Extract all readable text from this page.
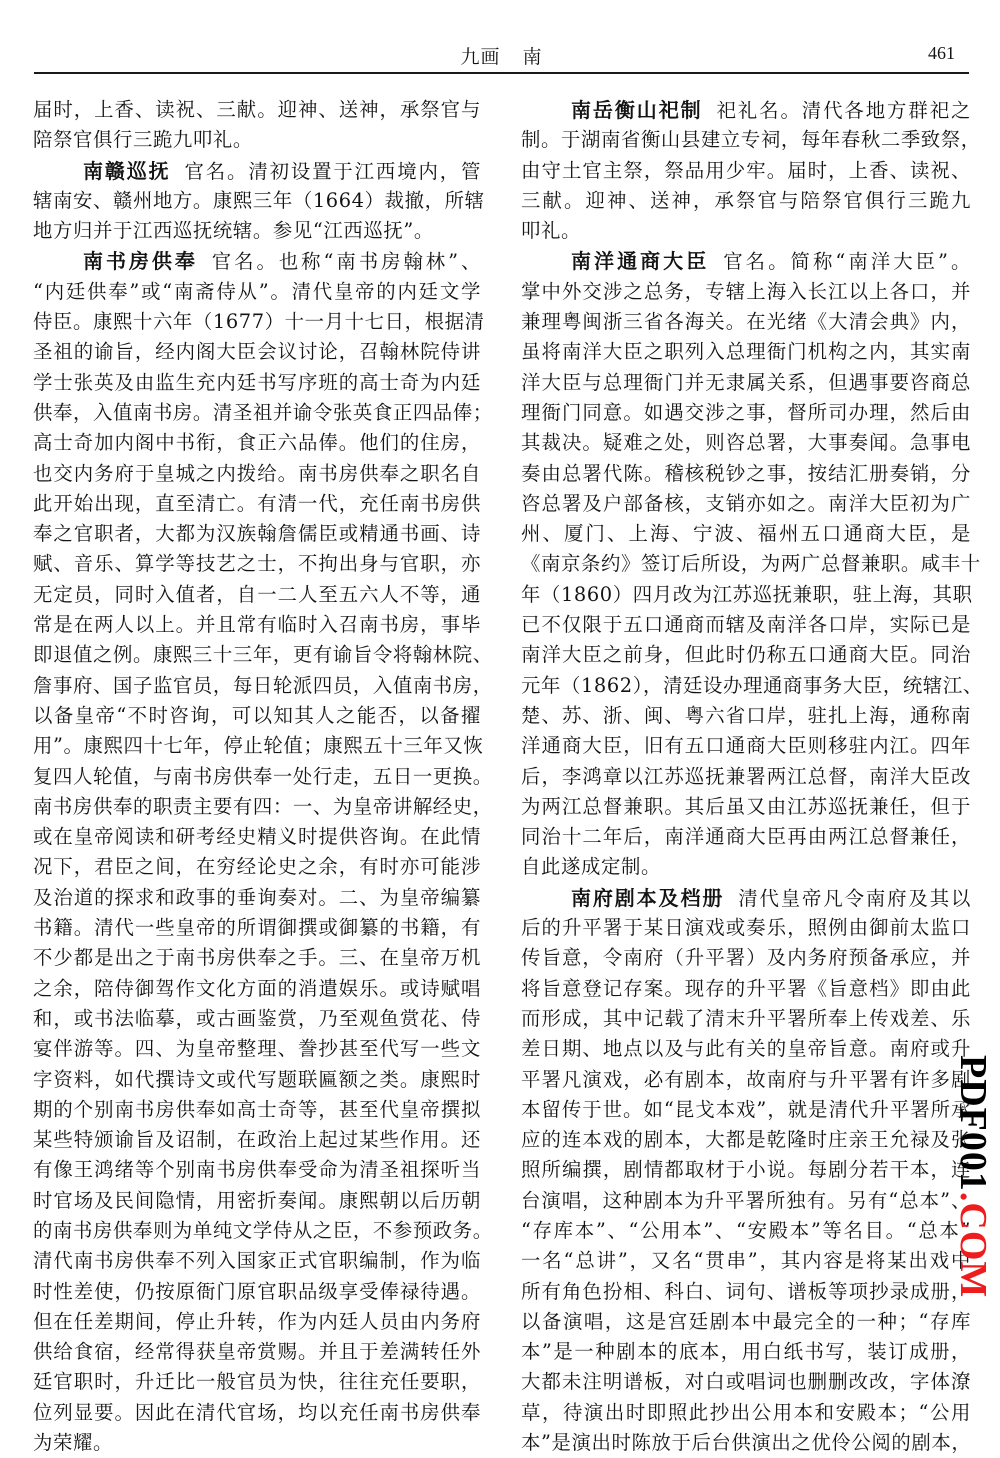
九画 南	461
届时，上香、读祝、三献。迎神、送神，承祭官与
陪祭官俱行三跪九叩礼。
南赣巡抚 官名。清初设置于江西境内，管
辖南安、赣州地方。康熙三年（1664）裁撤，所辖
地方归并于江西巡抚统辖。参见“江西巡抚”。
南书房供奉 官名。也称“南书房翰林”、
“内廷供奉”或“南斋侍从”。清代皇帝的内廷文学
侍臣。康熙十六年（1677）十一月十七日，根据清
圣祖的谕旨，经内阁大臣会议讨论，召翰林院侍讲
学士张英及由监生充内廷书写序班的高士奇为内廷
供奉，入值南书房。清圣祖并谕令张英食正四品俸；
高士奇加内阁中书衔，食正六品俸。他们的住房，
也交内务府于皇城之内拨给。南书房供奉之职名自
此开始出现，直至清亡。有清一代，充任南书房供
奉之官职者，大都为汉族翰詹儒臣或精通书画、诗
赋、音乐、算学等技艺之士，不拘出身与官职，亦
无定员，同时入值者，自一二人至五六人不等，通
常是在两人以上。并且常有临时入召南书房，事毕
即退值之例。康熙三十三年，更有谕旨令将翰林院、
詹事府、国子监官员，每日轮派四员，入值南书房，
以备皇帝“不时咨询，可以知其人之能否，以备擢
用”。康熙四十七年，停止轮值；康熙五十三年又恢
复四人轮值，与南书房供奉一处行走，五日一更换。
南书房供奉的职责主要有四：一、为皇帝讲解经史，
或在皇帝阅读和研考经史精义时提供咨询。在此情
况下，君臣之间，在穷经论史之余，有时亦可能涉
及治道的探求和政事的垂询奏对。二、为皇帝编纂
书籍。清代一些皇帝的所谓御撰或御纂的书籍，有
不少都是出之于南书房供奉之手。三、在皇帝万机
之余，陪侍御驾作文化方面的消遣娱乐。或诗赋唱
和，或书法临摹，或古画鉴赏，乃至观鱼赏花、侍
宴伴游等。四、为皇帝整理、誊抄甚至代写一些文
字资料，如代撰诗文或代写题联匾额之类。康熙时
期的个别南书房供奉如高士奇等，甚至代皇帝撰拟
某些特颁谕旨及诏制，在政治上起过某些作用。还
有像王鸿绪等个别南书房供奉受命为清圣祖探听当
时官场及民间隐情，用密折奏闻。康熙朝以后历朝
的南书房供奉则为单纯文学侍从之臣，不参预政务。
清代南书房供奉不列入国家正式官职编制，作为临
时性差使，仍按原衙门原官职品级享受俸禄待遇。
但在任差期间，停止升转，作为内廷人员由内务府
供给食宿，经常得获皇帝赏赐。并且于差满转任外
廷官职时，升迁比一般官员为快，往往充任要职，
位列显要。因此在清代官场，均以充任南书房供奉
为荣耀。
南岳衡山祀制 祀礼名。清代各地方群祀之
制。于湖南省衡山县建立专祠，每年春秋二季致祭，
由守土官主祭，祭品用少牢。届时，上香、读祝、
三献。迎神、送神，承祭官与陪祭官俱行三跪九
叩礼。
南洋通商大臣 官名。简称“南洋大臣”。
掌中外交涉之总务，专辖上海入长江以上各口，并
兼理粤闽浙三省各海关。在光绪《大清会典》内，
虽将南洋大臣之职列入总理衙门机构之内，其实南
洋大臣与总理衙门并无隶属关系，但遇事要咨商总
理衙门同意。如遇交涉之事，督所司办理，然后由
其裁决。疑难之处，则咨总署，大事奏闻。急事电
奏由总署代陈。稽核税钞之事，按结汇册奏销，分
咨总署及户部备核，支销亦如之。南洋大臣初为广
州、厦门、上海、宁波、福州五口通商大臣，是
《南京条约》签订后所设，为两广总督兼职。咸丰十
年（1860）四月改为江苏巡抚兼职，驻上海，其职
已不仅限于五口通商而辖及南洋各口岸，实际已是
南洋大臣之前身，但此时仍称五口通商大臣。同治
元年（1862），清廷设办理通商事务大臣，统辖江、
楚、苏、浙、闽、粤六省口岸，驻扎上海，通称南
洋通商大臣，旧有五口通商大臣则移驻内江。四年
后，李鸿章以江苏巡抚兼署两江总督，南洋大臣改
为两江总督兼职。其后虽又由江苏巡抚兼任，但于
同治十二年后，南洋通商大臣再由两江总督兼任，
自此遂成定制。
南府剧本及档册 清代皇帝凡令南府及其以
后的升平署于某日演戏或奏乐，照例由御前太监口
传旨意，令南府（升平署）及内务府预备承应，并
将旨意登记存案。现存的升平署《旨意档》即由此
而形成，其中记载了清末升平署所奉上传戏差、乐
差日期、地点以及与此有关的皇帝旨意。南府或升
平署凡演戏，必有剧本，故南府与升平署有许多剧
本留传于世。如“昆戈本戏”，就是清代升平署所承
应的连本戏的剧本，大都是乾隆时庄亲王允禄及张
照所编撰，剧情都取材于小说。每剧分若干本，连
台演唱，这种剧本为升平署所独有。另有“总本”、
“存库本”、“公用本”、“安殿本”等名目。“总本”
一名“总讲”，又名“贯串”，其内容是将某出戏中
所有角色扮相、科白、词句、谱板等项抄录成册，
以备演唱，这是宫廷剧本中最完全的一种；“存库
本”是一种剧本的底本，用白纸书写，装订成册，
大都未注明谱板，对白或唱词也删删改改，字体潦
草，待演出时即照此抄出公用本和安殿本；“公用
本”是演出时陈放于后台供演出之优伶公阅的剧本，
PDF001.COM
